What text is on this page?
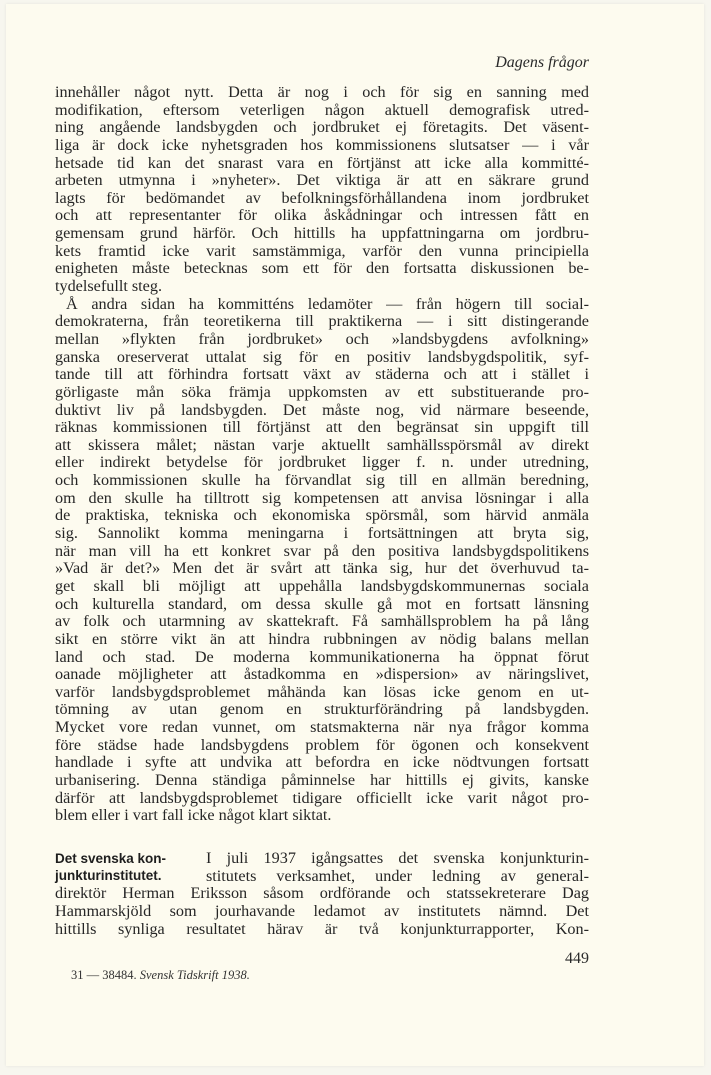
Dagens frågor
innehåller något nytt. Detta är nog i och för sig en sanning med
modifikation, eftersom veterligen någon aktuell demografisk utred-
ning angående landsbygden och jordbruket ej företagits. Det väsent-
liga är dock icke nyhetsgraden hos kommissionens slutsatser — i vår
hetsade tid kan det snarast vara en förtjänst att icke alla kommitté-
arbeten utmynna i »nyheter». Det viktiga är att en säkrare grund
lagts för bedömandet av befolkningsförhållandena inom jordbruket
och att representanter för olika åskådningar och intressen fått en
gemensam grund härför. Och hittills ha uppfattningarna om jordbru-
kets framtid icke varit samstämmiga, varför den vunna principiella
enigheten måste betecknas som ett för den fortsatta diskussionen be-
tydelsefullt steg.
Å andra sidan ha kommitténs ledamöter — från högern till social-
demokraterna, från teoretikerna till praktikerna — i sitt distingerande
mellan »flykten från jordbruket» och »landsbygdens avfolkning»
ganska oreserverat uttalat sig för en positiv landsbygdspolitik, syf-
tande till att förhindra fortsatt växt av städerna och att i stället i
görligaste mån söka främja uppkomsten av ett substituerande pro-
duktivt liv på landsbygden. Det måste nog, vid närmare beseende,
räknas kommissionen till förtjänst att den begränsat sin uppgift till
att skissera målet; nästan varje aktuellt samhällsspörsmål av direkt
eller indirekt betydelse för jordbruket ligger f. n. under utredning,
och kommissionen skulle ha förvandlat sig till en allmän beredning,
om den skulle ha tilltrott sig kompetensen att anvisa lösningar i alla
de praktiska, tekniska och ekonomiska spörsmål, som härvid anmäla
sig. Sannolikt komma meningarna i fortsättningen att bryta sig,
när man vill ha ett konkret svar på den positiva landsbygdspolitikens
»Vad är det?» Men det är svårt att tänka sig, hur det överhuvud ta-
get skall bli möjligt att uppehålla landsbygdskommunernas sociala
och kulturella standard, om dessa skulle gå mot en fortsatt länsning
av folk och utarmning av skattekraft. Få samhällsproblem ha på lång
sikt en större vikt än att hindra rubbningen av nödig balans mellan
land och stad. De moderna kommunikationerna ha öppnat förut
oanade möjligheter att åstadkomma en »dispersion» av näringslivet,
varför landsbygdsproblemet måhända kan lösas icke genom en ut-
tömning av utan genom en strukturförändring på landsbygden.
Mycket vore redan vunnet, om statsmakterna när nya frågor komma
före städse hade landsbygdens problem för ögonen och konsekvent
handlade i syfte att undvika att befordra en icke nödtvungen fortsatt
urbanisering. Denna ständiga påminnelse har hittills ej givits, kanske
därför att landsbygdsproblemet tidigare officiellt icke varit något pro-
blem eller i vart fall icke något klart siktat.
Det svenska kon-
junkturinstitutet.
I juli 1937 igångsattes det svenska konjunkturin-
stitutets verksamhet, under ledning av general-
direktör Herman Eriksson såsom ordförande och statssekreterare Dag
Hammarskjöld som jourhavande ledamot av institutets nämnd. Det
hittills synliga resultatet härav är två konjunkturrapporter, Kon-
449
31 — 38484. Svensk Tidskrift 1938.
